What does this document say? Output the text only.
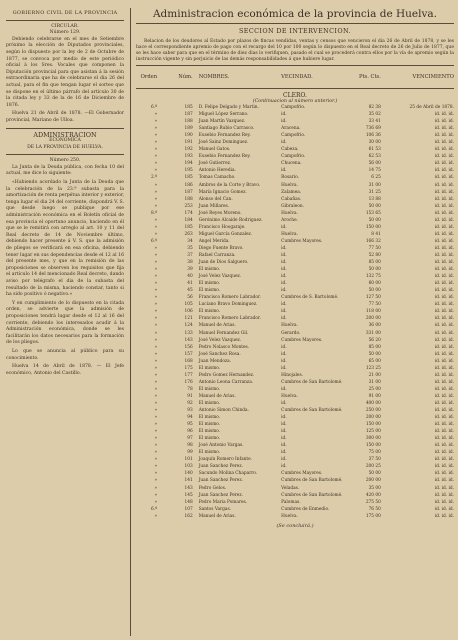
GOBIERNO CIVIL DE LA PROVINCIA
CIRCULAR.
Número 129.

Debiendo celebrarse en el mes de Setiembre próximo la elección de Diputados provinciales, según lo dispuesto por la ley de 2 de Octubre de 1877, se convoca por medio de este periódico oficial á los Sres. Vocales que componen la Diputación provincial para que asistan á la sesión extraordinaria que ha de celebrarse el dia 26 del actual, para el fin que tengan lugar el sorteo que se dispone en el último párrafo del artículo 30 de la citada ley y 33 de la de 16 de Diciembre de 1876.

Huelva 21 de Abril de 1878. —El Gobernador provincial, Mariano de Ulloa.

ADMINISTRACION
ECONÓMICA
DE LA PROVINCIA DE HUELVA.
Número 250.

La Junta de la Deuda pública, con fecha 10 del actual, me dice lo siguiente:

«Habiendo acordado la Junta de la Deuda que la celebración de la 23.ª subasta para la amortización de renta perpétua interior y exterior, tenga lugar el dia 24 del corriente, dispondrá V. S. que desde luego se publique por ese administración económica en el Boletín oficial de esa provincia el oportuno anuncio, haciendo en él que se le remitirá con arreglo al art. 10 y 11 del Real decreto de 14 de Noviembre último, debiendo hacer presente á V. S. que la admisión de pliegos se verificará en esa oficina, debiendo tener lugar en sus dependencias desde el 12 al 16 del presente mes, y que en la remisión de las proposiciones se observen los requisitos que fija el artículo 14 del mencionado Real decreto, dando aviso por telégrafo el dia de la subasta del resultado de la misma, haciendo constar, tanto si ha sido positivo ó negativo.»

Y en cumplimiento de lo dispuesto en la citada orden, se advierte que la admisión de proposiciones tendrá lugar desde el 12 al 16 del corriente, debiendo los interesados acudir á la Administración económica, donde se les facilitarán los datos necesarios para la formación de los pliegos.

Lo que se anuncia al público para su conocimiento.

Huelva 14 de Abril de 1878. — El Jefe económico, Antonio del Castillo.

Administracion económica de la provincia de Huelva.
SECCION DE INTERVENCION.
Relacion de los deudores al Estado por plazos de fincas vendidas, ventas y censos que vencieron el dia 26 de Abril de 1878, y se les hace el correspondiente apremio de pago con el recargo del 10 por 100 según lo dispuesto en el Real decreto de 26 de Julio de 1877, que se les hace saber para que en el término de diez dias lo verifiquen, pasado el cual se procederá contra ellos por la vía de apremio según la instrucción vigente y sin perjuicio de las demás responsabilidades á que hubiere lugar.
Orden	Núm.	NOMBRES.	VECINDAD.	Pts. Cts.	VENCIMIENTO
CLERO.
(Continuacion al número anterior.)
6.º	185	D. Felipe Delgado y Martin.	Campofrio.	82 38	25 de Abril de 1878.
»	187	Miguel López Serrano.	id.	35 02	id. id. id.
»	188	Juan Martín Vazquez.	id.	33 41	id. id. id.
»	189	Santiago Rubio Carrasco.	Aracena.	736 69	id. id. id.
»	190	Eusebio Fernandez Rey.	Campofrio.	106 36	id. id. id.
»	191	José Sainz Dominguez.	id.	30 00	id. id. id.
»	192	Manuel Gatos.	Cabeza.	61 53	id. id. id.
»	193	Eusebio Fernandez Rey.	Campofrio.	62 53	id. id. id.
»	194	José Gutierrez.	Chucena.	56 00	id. id. id.
»	195	Antonio Heredia.	id.	14 75	id. id. id.
2.º	185	Tomas Camacho.	Rosario.	6 25	id. id. id.
»	186	Ambros de la Corte y Bravo.	Huelva.	31 00	id. id. id.
»	187	María Ignacio Gomez.	Zalamea.	31 25	id. id. id.
»	188	Alonso del Can.	Cabañas.	13 88	id. id. id.
»	253	Juan Millares.	Gibraleon.	50 00	id. id. id.
8.º	174	José Reyes Moreno.	Huelva.	153 65	id. id. id.
»	184	Gerónimo Alcaide Rodriguez.	Aroche.	50 00	id. id. id.
»	185	Francisco Hoogaraje.	id.	150 00	id. id. id.
»	263	Miguel García Gonzalez.	Huelva.	8 41	id. id. id.
6.º	34	Angel Merida.	Cumbres Mayores.	166 32	id. id. id.
»	35	Diego Fuente Bravo.	id.	77 50	id. id. id.
»	37	Rafael Carranza.	id.	52 80	id. id. id.
»	38	Juan de Dios Salguero.	id.	85 00	id. id. id.
»	39	El mismo.	id.	50 00	id. id. id.
»	40	José Velez Vazquez.	id.	132 75	id. id. id.
»	41	El mismo.	id.	60 00	id. id. id.
»	45	El mismo.	id.	50 00	id. id. id.
»	56	Francisco Romero Labrador.	Cumbres de S. Bartolomé.	127 50	id. id. id.
»	105	Luciano Bravo Dominguez.	id.	77 50	id. id. id.
»	106	El mismo.	id.	118 00	id. id. id.
»	121	Francisco Romero Labrador.	id.	200 00	id. id. id.
»	124	Manuel de Arias.	Huelva.	36 00	id. id. id.
»	133	Manuel Fernandez Gil.	Gerardo.	331 00	id. id. id.
»	143	José Velez Vazquez.	Cumbres Mayores.	56 20	id. id. id.
»	156	Pedro Nolasco Montes.	id.	85 00	id. id. id.
»	157	José Sanchez Rosa.	id.	50 00	id. id. id.
»	168	Juan Mendoza.	id.	65 00	id. id. id.
»	175	El mismo.	id.	123 25	id. id. id.
»	177	Pedro Gomez Hernandez.	Hinojales.	21 00	id. id. id.
»	176	Antonio Leona Carranza.	Cumbres de San Bartolomé.	31 00	id. id. id.
»	78	El mismo.	id.	25 00	id. id. id.
»	91	Manuel de Arias.	Huelva.	91 00	id. id. id.
»	92	El mismo.	id.	400 00	id. id. id.
»	93	Antonio Simon Chinda.	Cumbres de San Bartolomé.	250 00	id. id. id.
»	94	El mismo.	id.	200 00	id. id. id.
»	95	El mismo.	id.	150 00	id. id. id.
»	96	El mismo.	id.	125 00	id. id. id.
»	97	El mismo.	id.	300 00	id. id. id.
»	98	José Antonio Vargas.	id.	150 00	id. id. id.
»	99	El mismo.	id.	75 00	id. id. id.
»	101	Joaquín Romero Infante.	id.	37 50	id. id. id.
»	103	Juan Sanchez Perez.	id.	200 25	id. id. id.
»	140	Sacundo Molina Chaparro.	Cumbres Mayores.	50 00	id. id. id.
»	141	Juan Sanchez Perez.	Cumbres de San Bartolomé.	200 00	id. id. id.
»	143	Pedro Gelos.	Veladas.	35 00	id. id. id.
»	145	Juan Sanchez Perez.	Cumbres de San Bartolomé.	420 00	id. id. id.
»	148	Pedro Maria Pomares.	Palomas.	275 50	id. id. id.
6.º	107	Santos Vargas.	Cumbres de Enmedio.	76 50	id. id. id.
»	162	Manuel de Arias.	Huelva.	175 00	id. id. id.
(Se concluirá.)
